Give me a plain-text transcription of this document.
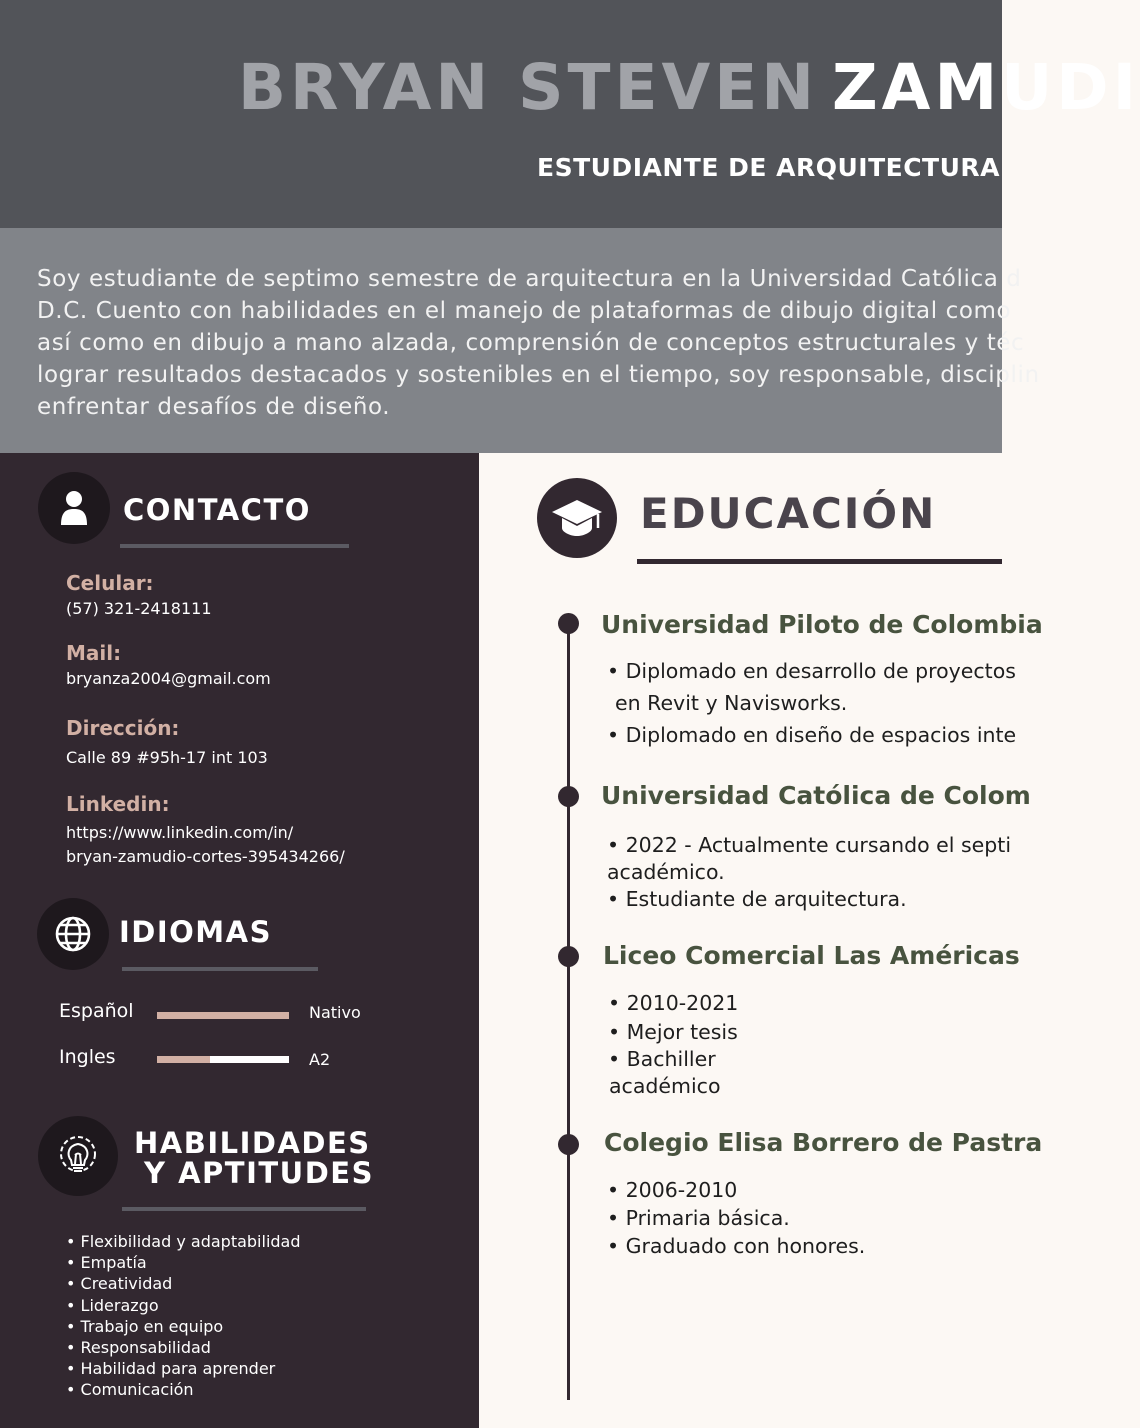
BRYAN STEVEN ZAMUDI
ESTUDIANTE DE ARQUITECTURA
Soy estudiante de septimo semestre de arquitectura en la Universidad Católica d
D.C. Cuento con habilidades en el manejo de plataformas de dibujo digital como
así como en dibujo a mano alzada, comprensión de conceptos estructurales y téc
lograr resultados destacados y sostenibles en el tiempo, soy responsable, disciplin
enfrentar desafíos de diseño.
CONTACTO
Celular:
(57) 321-2418111
Mail:
bryanza2004@gmail.com
Dirección:
Calle 89 #95h-17 int 103
Linkedin:
https://www.linkedin.com/in/
bryan-zamudio-cortes-395434266/
IDIOMAS
Español	Nativo
Ingles	A2
HABILIDADES
Y APTITUDES
• Flexibilidad y adaptabilidad
• Empatía
• Creatividad
• Liderazgo
• Trabajo en equipo
• Responsabilidad
• Habilidad para aprender
• Comunicación
EDUCACIÓN
Universidad Piloto de Colombia
• Diplomado en desarrollo de proyectos
en Revit y Navisworks.
• Diplomado en diseño de espacios inte
Universidad Católica de Colom
• 2022 - Actualmente cursando el septi
académico.
• Estudiante de arquitectura.
Liceo Comercial Las Américas
• 2010-2021
• Mejor tesis
• Bachiller
académico
Colegio Elisa Borrero de Pastra
• 2006-2010
• Primaria básica.
• Graduado con honores.
